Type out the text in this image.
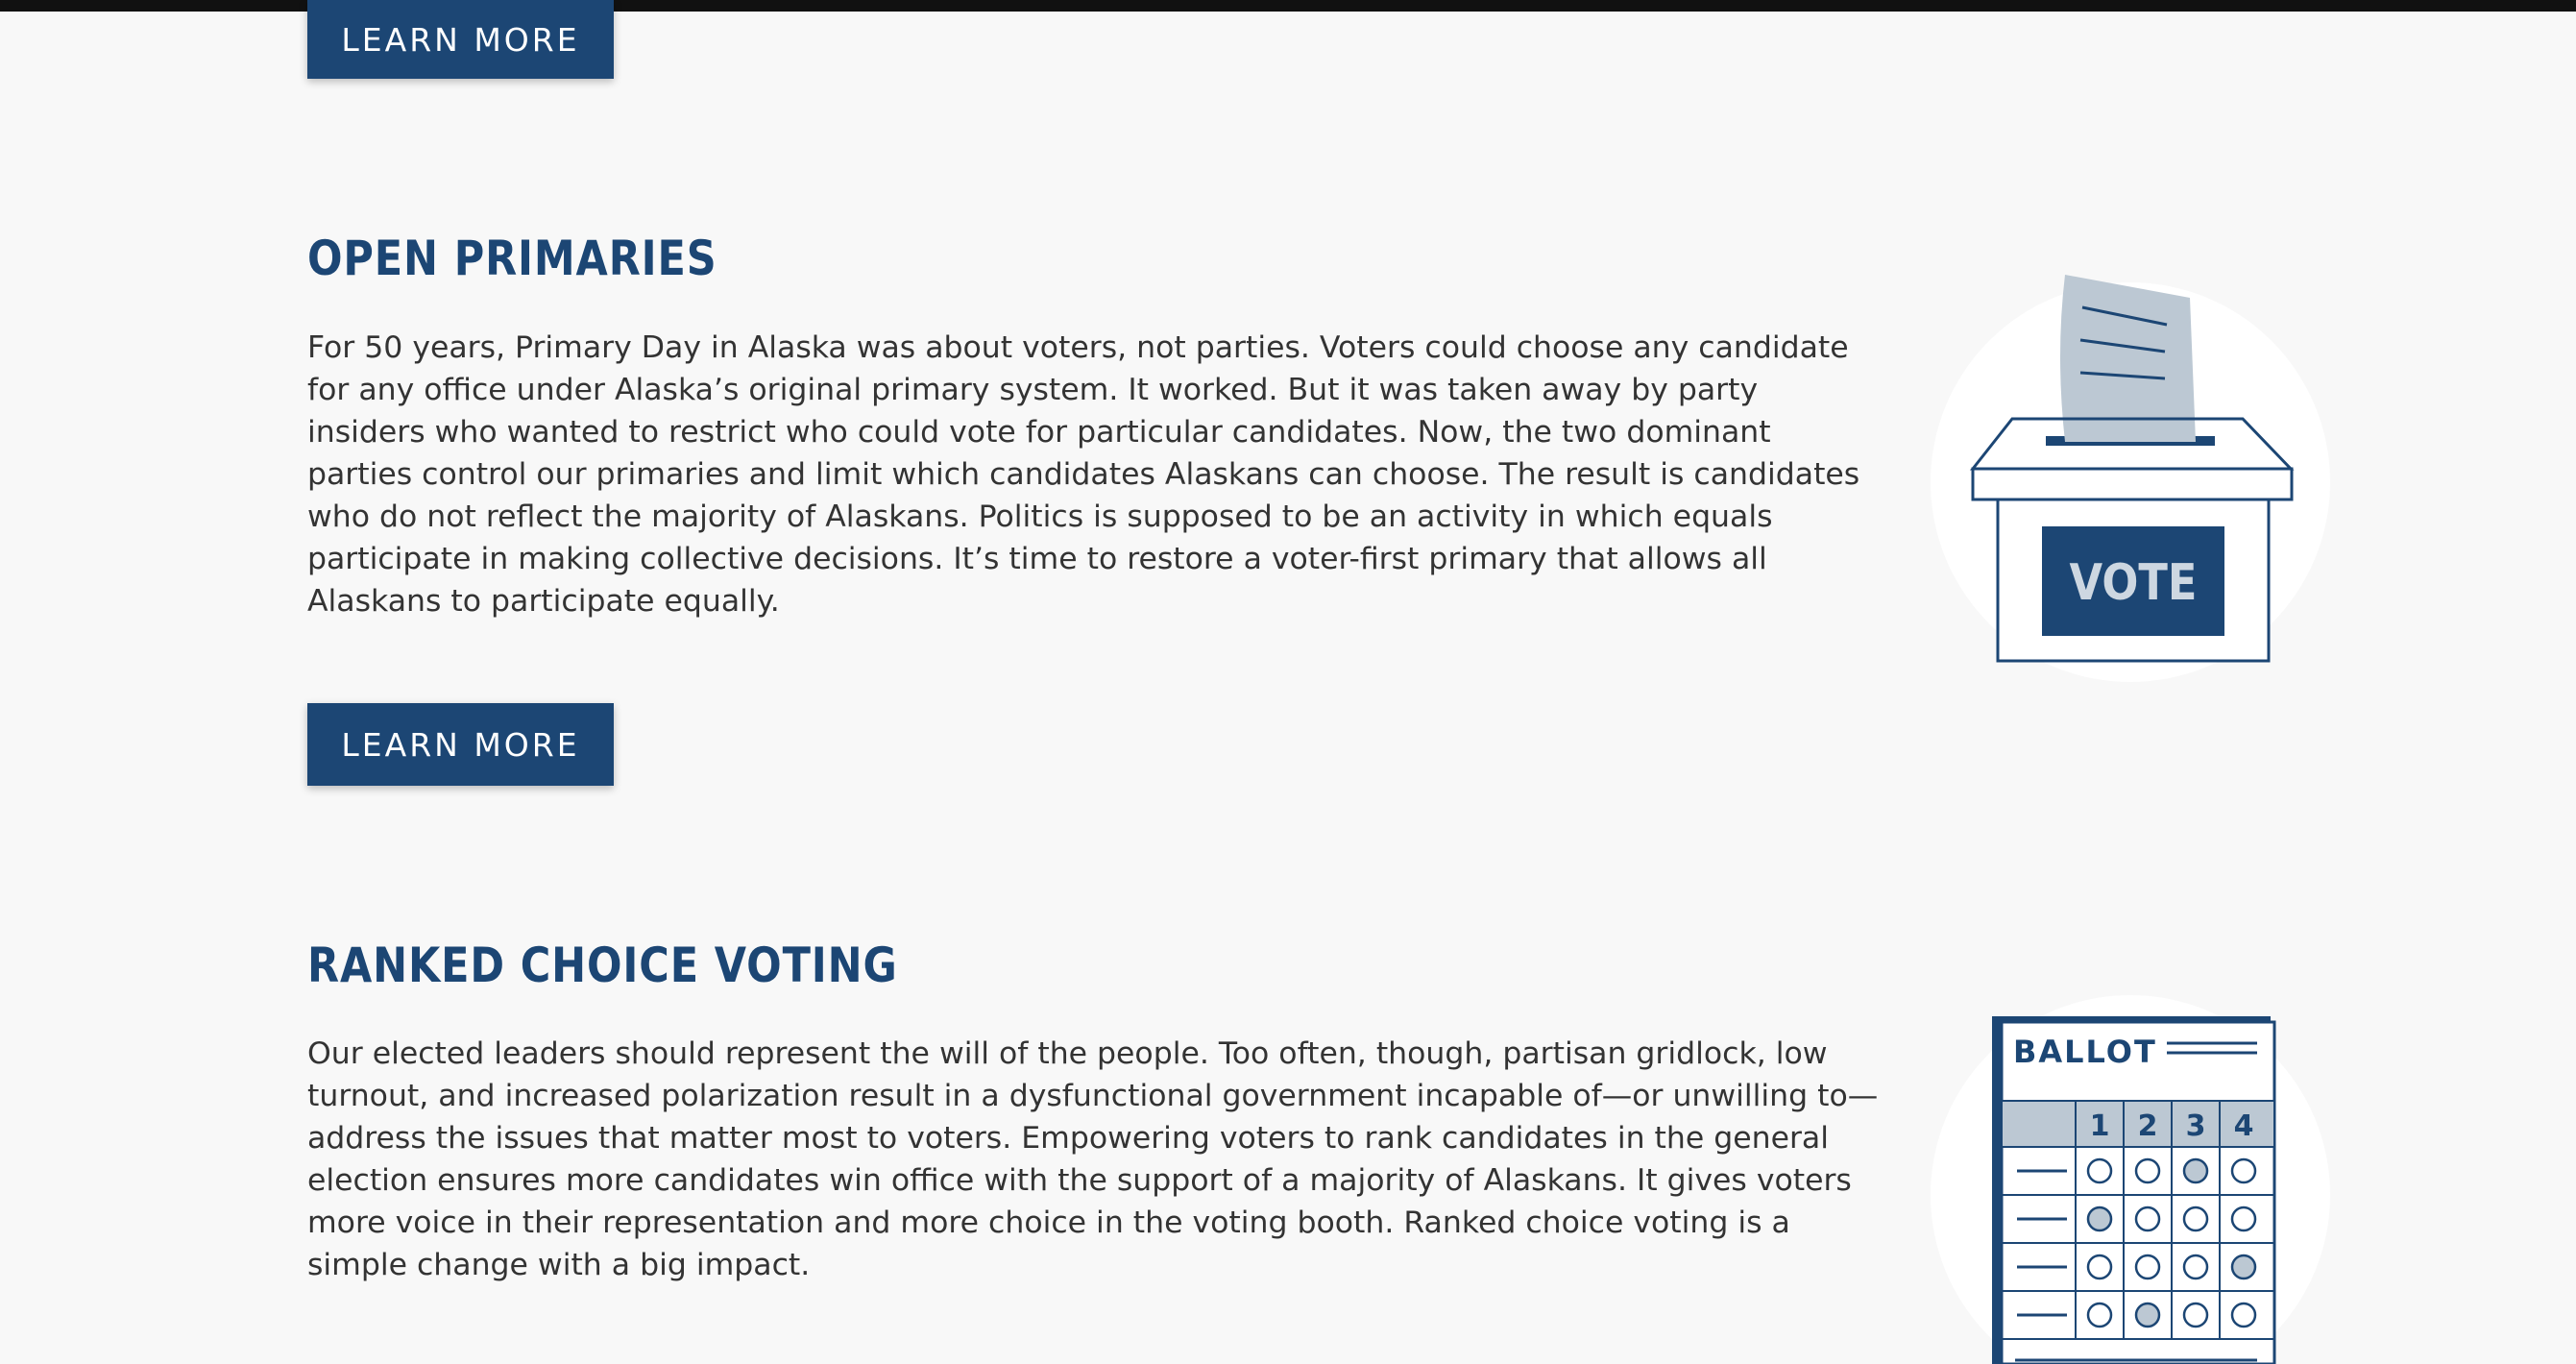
LEARN MORE
OPEN PRIMARIES

For 50 years, Primary Day in Alaska was about voters, not parties. Voters could choose any candidate for any office under Alaska’s original primary system. It worked. But it was taken away by party insiders who wanted to restrict who could vote for particular candidates. Now, the two dominant parties control our primaries and limit which candidates Alaskans can choose. The result is candidates who do not reflect the majority of Alaskans. Politics is supposed to be an activity in which equals participate in making collective decisions. It’s time to restore a voter-first primary that allows all Alaskans to participate equally.

LEARN MORE
VOTE
RANKED CHOICE VOTING

Our elected leaders should represent the will of the people. Too often, though, partisan gridlock, low turnout, and increased polarization result in a dysfunctional government incapable of—or unwilling to—address the issues that matter most to voters. Empowering voters to rank candidates in the general election ensures more candidates win office with the support of a majority of Alaskans. It gives voters more voice in their representation and more choice in the voting booth. Ranked choice voting is a simple change with a big impact.

BALLOT
1 2 3 4
